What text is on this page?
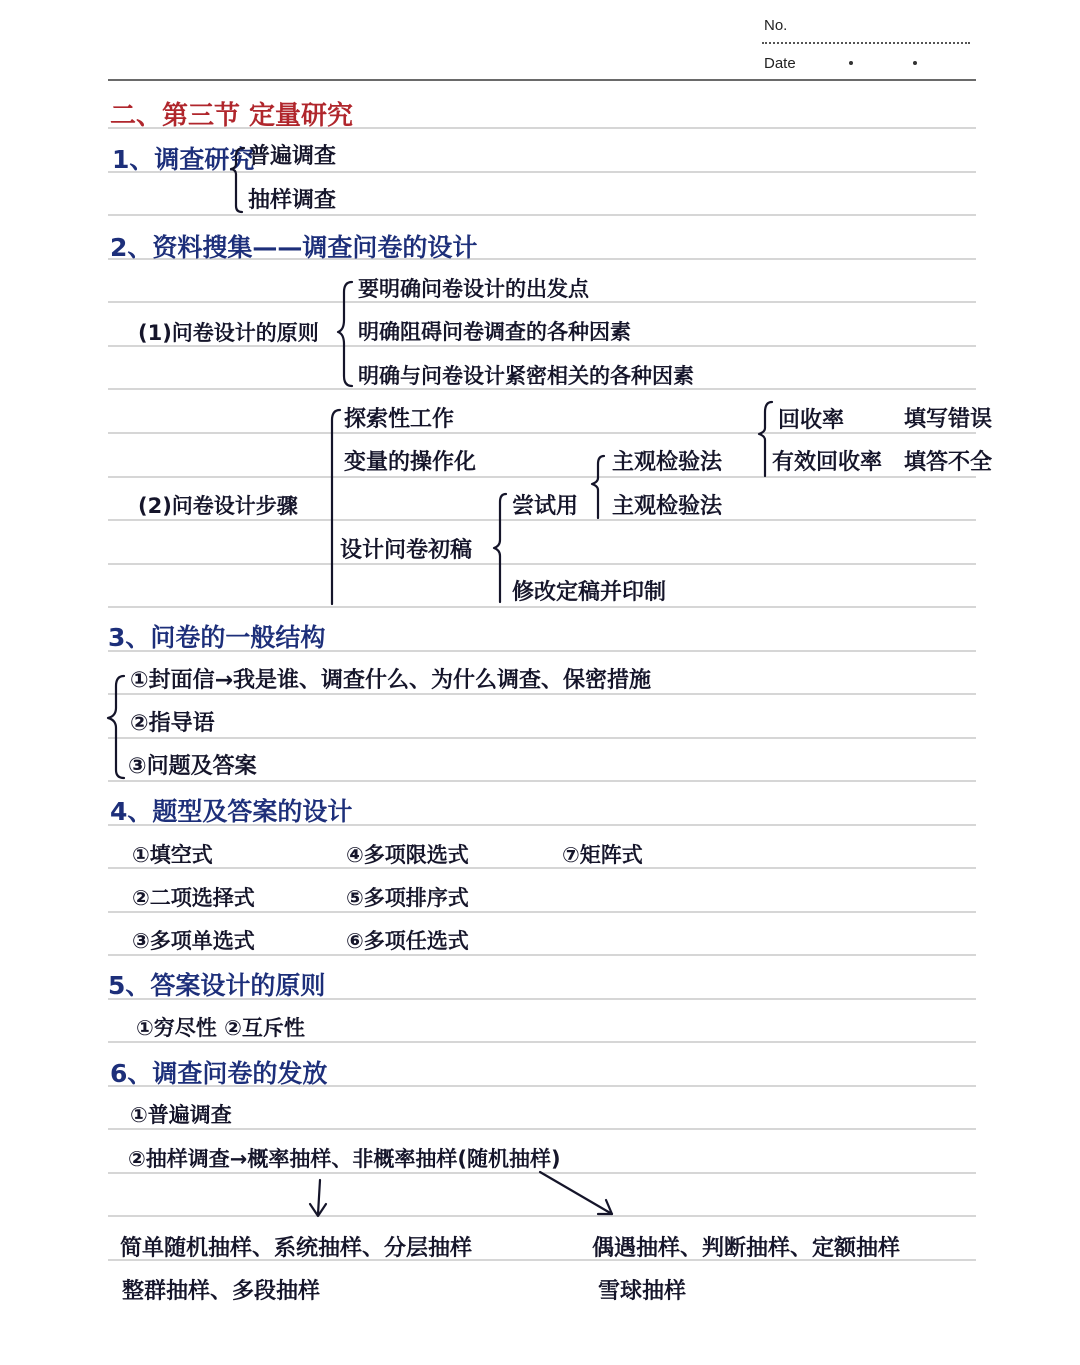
No.
Date
二、第三节 定量研究
1、调查研究
普遍调查
抽样调查
2、资料搜集——调查问卷的设计
(1)问卷设计的原则
要明确问卷设计的出发点
明确阻碍问卷调查的各种因素
明确与问卷设计紧密相关的各种因素
(2)问卷设计步骤
探索性工作
变量的操作化
设计问卷初稿
尝试用
修改定稿并印制
主观检验法
主观检验法
回收率
有效回收率
填写错误
填答不全
3、问卷的一般结构
①封面信→我是谁、调查什么、为什么调查、保密措施
②指导语
③问题及答案
4、题型及答案的设计
①填空式
②二项选择式
③多项单选式
④多项限选式
⑤多项排序式
⑥多项任选式
⑦矩阵式
5、答案设计的原则
①穷尽性 ②互斥性
6、调查问卷的发放
①普遍调查
②抽样调查→概率抽样、非概率抽样(随机抽样)
简单随机抽样、系统抽样、分层抽样
整群抽样、多段抽样
偶遇抽样、判断抽样、定额抽样
雪球抽样
